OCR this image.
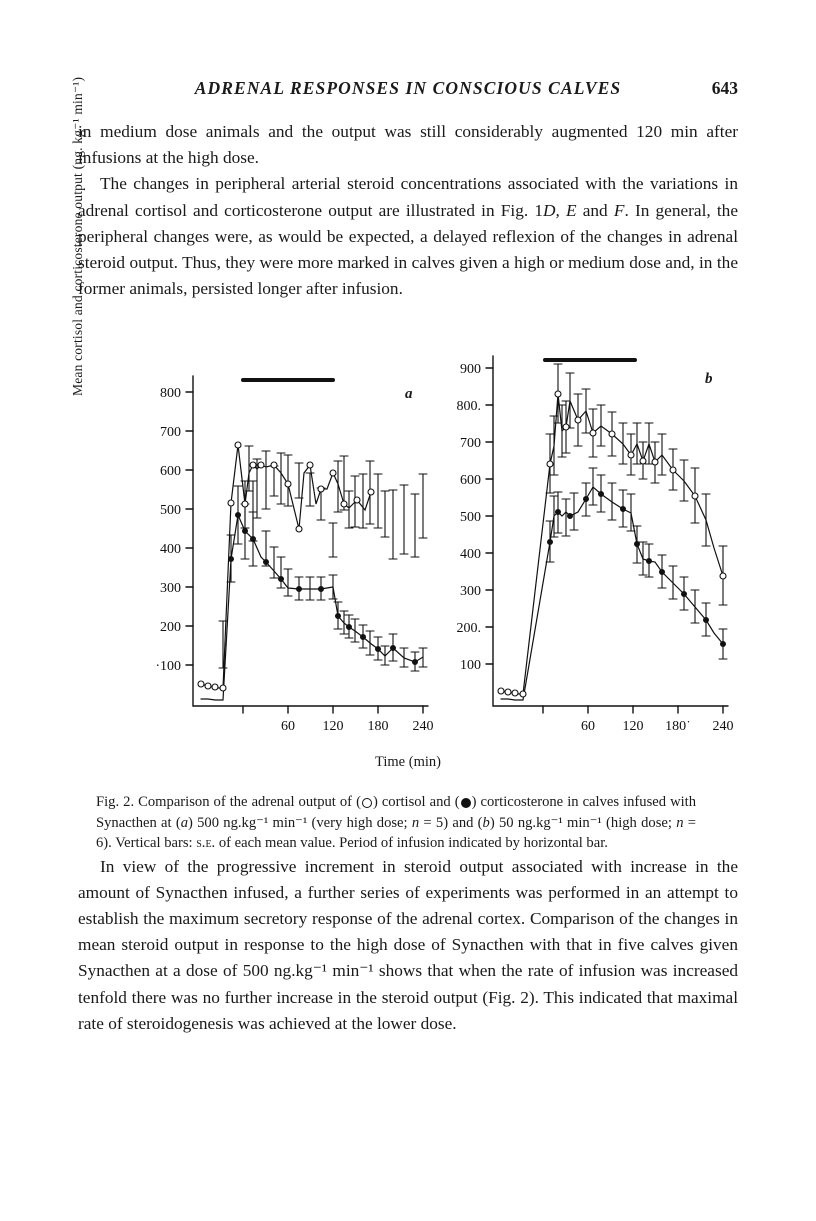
ADRENAL RESPONSES IN CONSCIOUS CALVES	643

in medium dose animals and the output was still considerably augmented 120 min after infusions at the high dose.

The changes in peripheral arterial steroid concentrations associated with the variations in adrenal cortisol and corticosterone output are illustrated in Fig. 1D, E and F. In general, the peripheral changes were, as would be expected, a delayed reflexion of the changes in adrenal steroid output. Thus, they were more marked in calves given a high or medium dose and, in the former animals, persisted longer after infusion.

Mean cortisol and corticosterone output (ng. kg⁻¹ min⁻¹)	800
700
600
500
400
300
200
·100
60 120 180 240
900
800.
700
600
500
400
300
200.
100
60 120 180˙ 240
a
b
Time (min)
Fig. 2. Comparison of the adrenal output of ( ) cortisol and ( ) corticosterone in calves infused with Synacthen at (a) 500 ng.kg⁻¹ min⁻¹ (very high dose; n = 5) and (b) 50 ng.kg⁻¹ min⁻¹ (high dose; n = 6). Vertical bars: s.e. of each mean value. Period of infusion indicated by horizontal bar.

In view of the progressive increment in steroid output associated with increase in the amount of Synacthen infused, a further series of experiments was performed in an attempt to establish the maximum secretory response of the adrenal cortex. Comparison of the changes in mean steroid output in response to the high dose of Synacthen with that in five calves given Synacthen at a dose of 500 ng.kg⁻¹ min⁻¹ shows that when the rate of infusion was increased tenfold there was no further increase in the steroid output (Fig. 2). This indicated that maximal rate of steroidogenesis was achieved at the lower dose.
